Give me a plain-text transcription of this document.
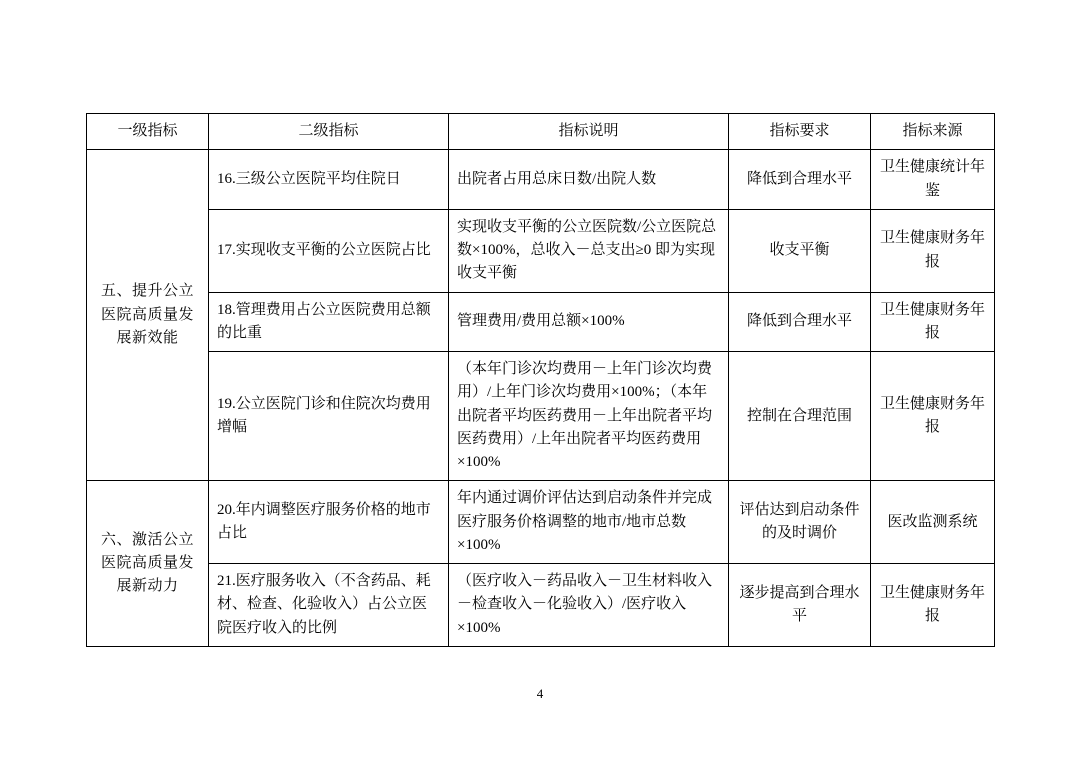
一级指标	二级指标	指标说明	指标要求	指标来源
五、提升公立医院高质量发展新效能	16.三级公立医院平均住院日	出院者占用总床日数/出院人数	降低到合理水平	卫生健康统计年鉴
	17.实现收支平衡的公立医院占比	实现收支平衡的公立医院数/公立医院总数×100%，总收入－总支出≥0 即为实现收支平衡	收支平衡	卫生健康财务年报
	18.管理费用占公立医院费用总额的比重	管理费用/费用总额×100%	降低到合理水平	卫生健康财务年报
	19.公立医院门诊和住院次均费用增幅	（本年门诊次均费用－上年门诊次均费用）/上年门诊次均费用×100%；（本年出院者平均医药费用－上年出院者平均医药费用）/上年出院者平均医药费用×100%	控制在合理范围	卫生健康财务年报
六、激活公立医院高质量发展新动力	20.年内调整医疗服务价格的地市占比	年内通过调价评估达到启动条件并完成医疗服务价格调整的地市/地市总数×100%	评估达到启动条件的及时调价	医改监测系统
	21.医疗服务收入（不含药品、耗材、检查、化验收入）占公立医院医疗收入的比例	（医疗收入－药品收入－卫生材料收入－检查收入－化验收入）/医疗收入×100%	逐步提高到合理水平	卫生健康财务年报
4
